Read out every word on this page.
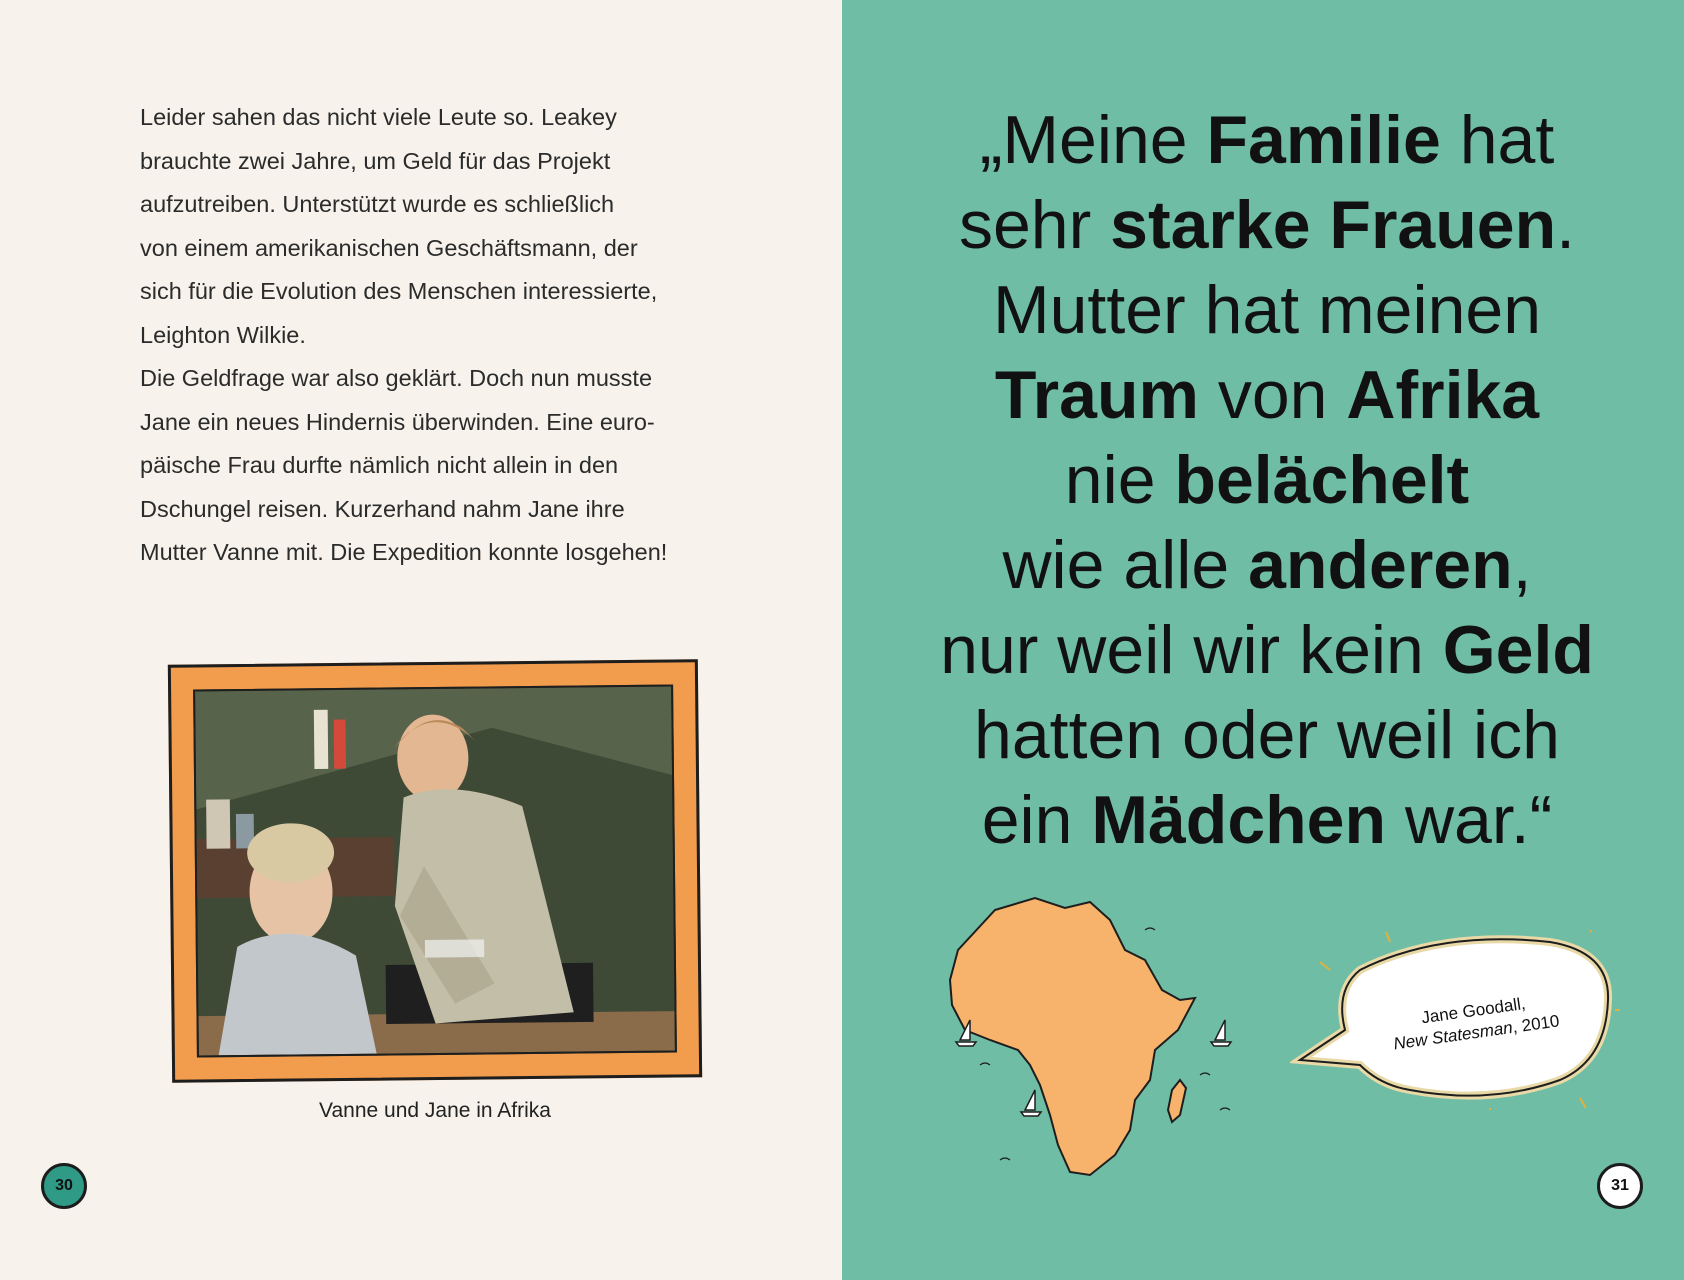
Leider sahen das nicht viele Leute so. Leakey
brauchte zwei Jahre, um Geld für das Projekt
aufzutreiben. Unterstützt wurde es schließlich
von einem amerikanischen Geschäftsmann, der
sich für die Evolution des Menschen interessierte,
Leighton Wilkie.

Die Geldfrage war also geklärt. Doch nun musste
Jane ein neues Hindernis überwinden. Eine euro-
päische Frau durfte nämlich nicht allein in den
Dschungel reisen. Kurzerhand nahm Jane ihre
Mutter Vanne mit. Die Expedition konnte losgehen!

Vanne und Jane in Afrika
30
„Meine Familie hat
sehr starke Frauen.
Mutter hat meinen
Traum von Afrika
nie belächelt
wie alle anderen,
nur weil wir kein Geld
hatten oder weil ich
ein Mädchen war.“
31
Jane Goodall,
New Statesman, 2010
